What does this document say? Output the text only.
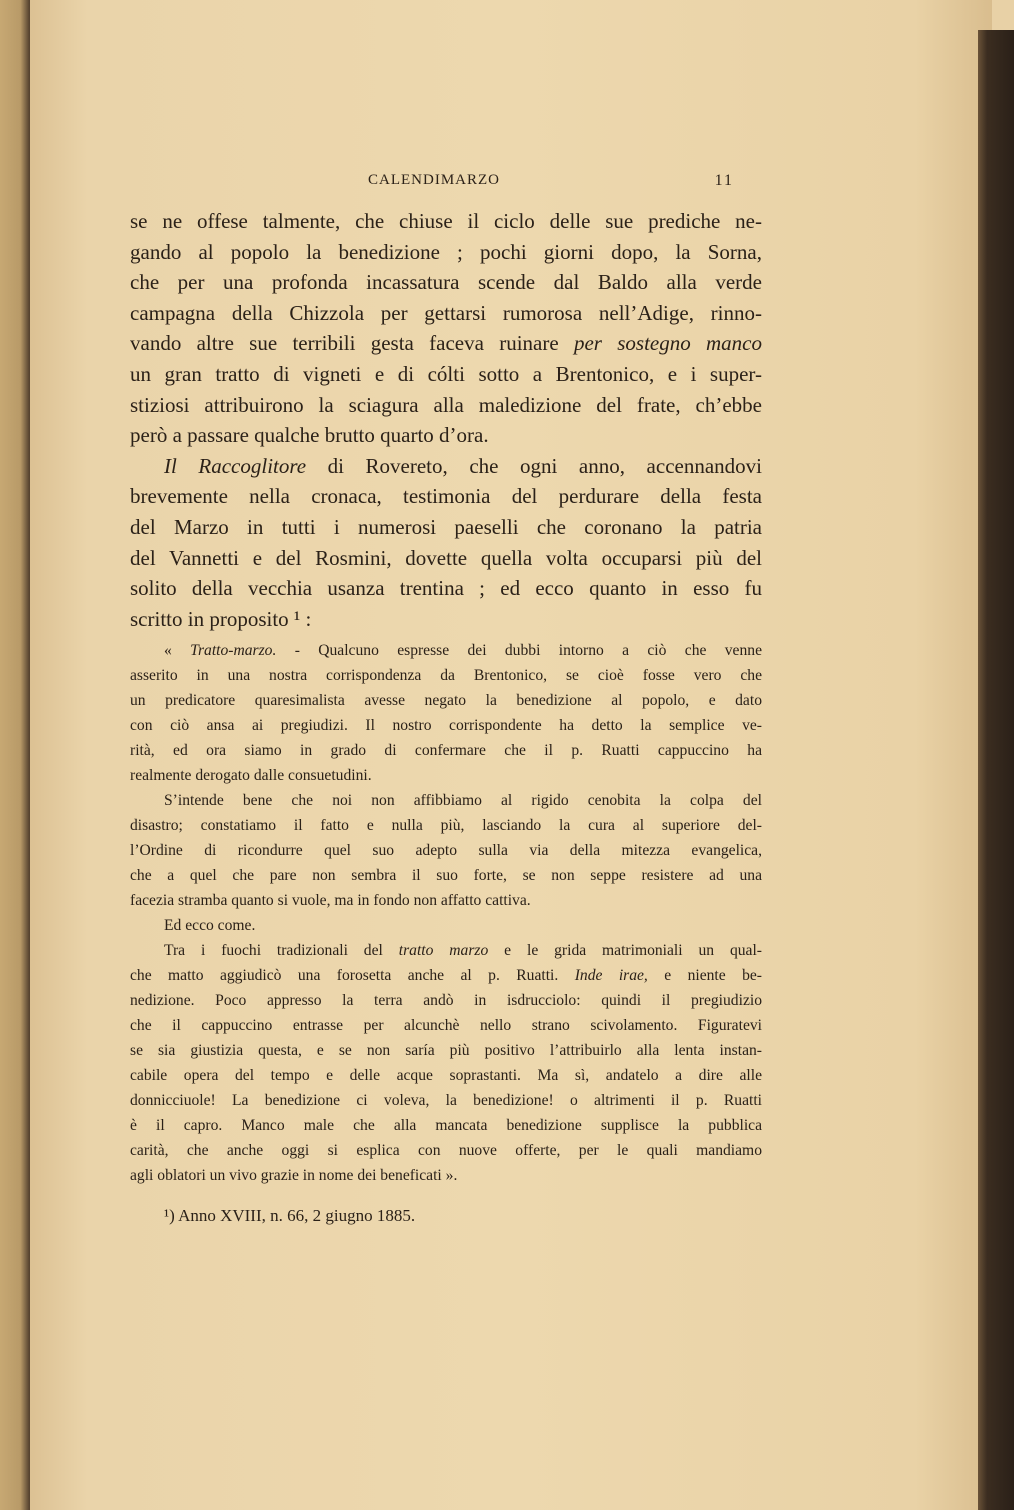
CALENDIMARZO	11
se ne offese talmente, che chiuse il ciclo delle sue prediche ne-
gando al popolo la benedizione ; pochi giorni dopo, la Sorna,
che per una profonda incassatura scende dal Baldo alla verde
campagna della Chizzola per gettarsi rumorosa nell’Adige, rinno-
vando altre sue terribili gesta faceva ruinare per sostegno manco
un gran tratto di vigneti e di cólti sotto a Brentonico, e i super-
stiziosi attribuirono la sciagura alla maledizione del frate, ch’ebbe
però a passare qualche brutto quarto d’ora.
Il Raccoglitore di Rovereto, che ogni anno, accennandovi
brevemente nella cronaca, testimonia del perdurare della festa
del Marzo in tutti i numerosi paeselli che coronano la patria
del Vannetti e del Rosmini, dovette quella volta occuparsi più del
solito della vecchia usanza trentina ; ed ecco quanto in esso fu
scritto in proposito ¹ :
« Tratto-marzo. - Qualcuno espresse dei dubbi intorno a ciò che venne
asserito in una nostra corrispondenza da Brentonico, se cioè fosse vero che
un predicatore quaresimalista avesse negato la benedizione al popolo, e dato
con ciò ansa ai pregiudizi. Il nostro corrispondente ha detto la semplice ve-
rità, ed ora siamo in grado di confermare che il p. Ruatti cappuccino ha
realmente derogato dalle consuetudini.
S’intende bene che noi non affibbiamo al rigido cenobita la colpa del
disastro; constatiamo il fatto e nulla più, lasciando la cura al superiore del-
l’Ordine di ricondurre quel suo adepto sulla via della mitezza evangelica,
che a quel che pare non sembra il suo forte, se non seppe resistere ad una
facezia stramba quanto si vuole, ma in fondo non affatto cattiva.
Ed ecco come.
Tra i fuochi tradizionali del tratto marzo e le grida matrimoniali un qual-
che matto aggiudicò una forosetta anche al p. Ruatti. Inde irae, e niente be-
nedizione. Poco appresso la terra andò in isdrucciolo: quindi il pregiudizio
che il cappuccino entrasse per alcunchè nello strano scivolamento. Figuratevi
se sia giustizia questa, e se non saría più positivo l’attribuirlo alla lenta instan-
cabile opera del tempo e delle acque soprastanti. Ma sì, andatelo a dire alle
donnicciuole! La benedizione ci voleva, la benedizione! o altrimenti il p. Ruatti
è il capro. Manco male che alla mancata benedizione supplisce la pubblica
carità, che anche oggi si esplica con nuove offerte, per le quali mandiamo
agli oblatori un vivo grazie in nome dei beneficati ».
¹) Anno XVIII, n. 66, 2 giugno 1885.
